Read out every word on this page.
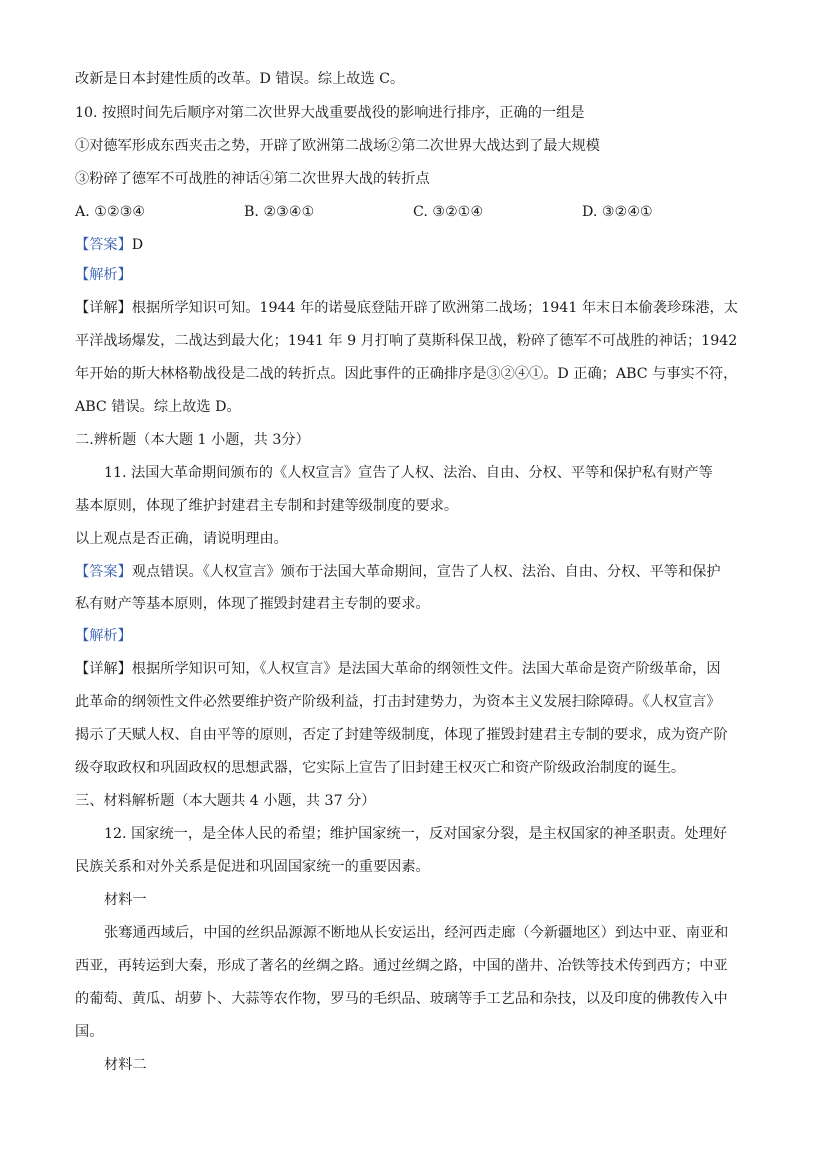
改新是日本封建性质的改革。D 错误。综上故选 C。

10. 按照时间先后顺序对第二次世界大战重要战役的影响进行排序，正确的一组是

①对德军形成东西夹击之势，开辟了欧洲第二战场②第二次世界大战达到了最大规模

③粉碎了德军不可战胜的神话④第二次世界大战的转折点

A. ①②③④	B. ②③④①	C. ③②①④	D. ③②④①

【答案】D

【解析】

【详解】根据所学知识可知。1944 年的诺曼底登陆开辟了欧洲第二战场；1941 年末日本偷袭珍珠港，太

平洋战场爆发，二战达到最大化；1941 年 9 月打响了莫斯科保卫战，粉碎了德军不可战胜的神话；1942

年开始的斯大林格勒战役是二战的转折点。因此事件的正确排序是③②④①。D 正确；ABC 与事实不符，

ABC 错误。综上故选 D。

二.辨析题（本大题 1 小题，共 3分）

11. 法国大革命期间颁布的《人权宣言》宣告了人权、法治、自由、分权、平等和保护私有财产等

基本原则，体现了维护封建君主专制和封建等级制度的要求。

以上观点是否正确，请说明理由。

【答案】观点错误。《人权宣言》颁布于法国大革命期间，宣告了人权、法治、自由、分权、平等和保护

私有财产等基本原则，体现了摧毁封建君主专制的要求。

【解析】

【详解】根据所学知识可知，《人权宣言》是法国大革命的纲领性文件。法国大革命是资产阶级革命，因

此革命的纲领性文件必然要维护资产阶级利益，打击封建势力，为资本主义发展扫除障碍。《人权宣言》

揭示了天赋人权、自由平等的原则，否定了封建等级制度，体现了摧毁封建君主专制的要求，成为资产阶

级夺取政权和巩固政权的思想武器，它实际上宣告了旧封建王权灭亡和资产阶级政治制度的诞生。

三、材料解析题（本大题共 4 小题，共 37 分）

12. 国家统一，是全体人民的希望；维护国家统一，反对国家分裂，是主权国家的神圣职责。处理好

民族关系和对外关系是促进和巩固国家统一的重要因素。

材料一

张骞通西域后，中国的丝织品源源不断地从长安运出，经河西走廊（今新疆地区）到达中亚、南亚和

西亚，再转运到大秦，形成了著名的丝绸之路。通过丝绸之路，中国的凿井、冶铁等技术传到西方；中亚

的葡萄、黄瓜、胡萝卜、大蒜等农作物，罗马的毛织品、玻璃等手工艺品和杂技，以及印度的佛教传入中

国。

材料二
